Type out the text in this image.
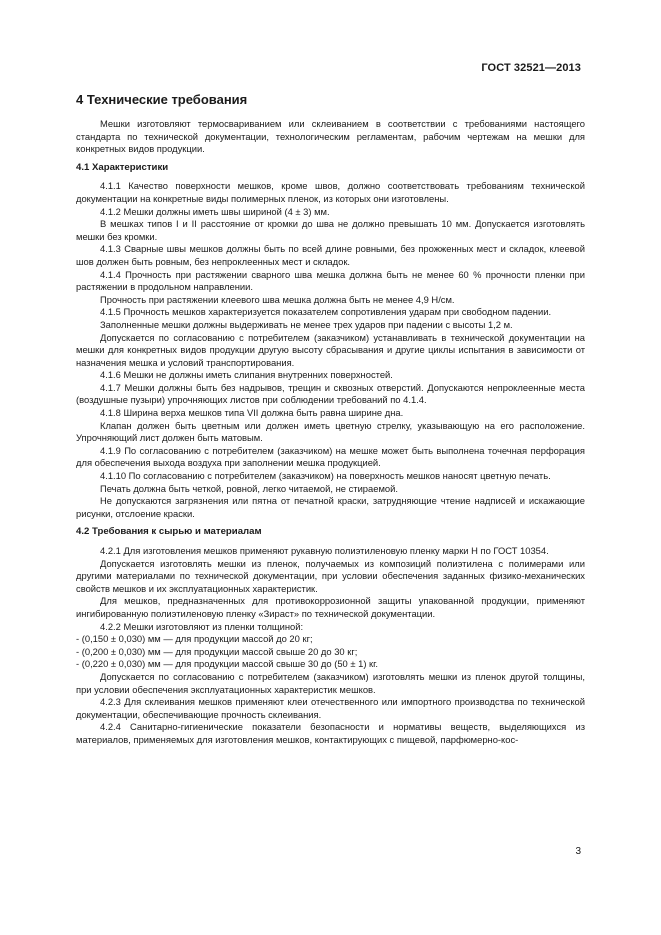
ГОСТ 32521—2013
4 Технические требования

Мешки изготовляют термосвариванием или склеиванием в соответствии с требованиями настоящего стандарта по технической документации, технологическим регламентам, рабочим чертежам на мешки для конкретных видов продукции.

4.1 Характеристики

4.1.1 Качество поверхности мешков, кроме швов, должно соответствовать требованиям технической документации на конкретные виды полимерных пленок, из которых они изготовлены.

4.1.2 Мешки должны иметь швы шириной (4 ± 3) мм.

В мешках типов I и II расстояние от кромки до шва не должно превышать 10 мм. Допускается изготовлять мешки без кромки.

4.1.3 Сварные швы мешков должны быть по всей длине ровными, без прожженных мест и складок, клеевой шов должен быть ровным, без непроклеенных мест и складок.

4.1.4 Прочность при растяжении сварного шва мешка должна быть не менее 60 % прочности пленки при растяжении в продольном направлении.

Прочность при растяжении клеевого шва мешка должна быть не менее 4,9 Н/см.

4.1.5 Прочность мешков характеризуется показателем сопротивления ударам при свободном падении.

Заполненные мешки должны выдерживать не менее трех ударов при падении с высоты 1,2 м.

Допускается по согласованию с потребителем (заказчиком) устанавливать в технической документации на мешки для конкретных видов продукции другую высоту сбрасывания и другие циклы испытания в зависимости от назначения мешка и условий транспортирования.

4.1.6 Мешки не должны иметь слипания внутренних поверхностей.

4.1.7 Мешки должны быть без надрывов, трещин и сквозных отверстий. Допускаются непроклеенные места (воздушные пузыри) упрочняющих листов при соблюдении требований по 4.1.4.

4.1.8 Ширина верха мешков типа VII должна быть равна ширине дна.

Клапан должен быть цветным или должен иметь цветную стрелку, указывающую на его расположение. Упрочняющий лист должен быть матовым.

4.1.9 По согласованию с потребителем (заказчиком) на мешке может быть выполнена точечная перфорация для обеспечения выхода воздуха при заполнении мешка продукцией.

4.1.10 По согласованию с потребителем (заказчиком) на поверхность мешков наносят цветную печать.

Печать должна быть четкой, ровной, легко читаемой, не стираемой.

Не допускаются загрязнения или пятна от печатной краски, затрудняющие чтение надписей и искажающие рисунки, отслоение краски.

4.2 Требования к сырью и материалам

4.2.1 Для изготовления мешков применяют рукавную полиэтиленовую пленку марки Н по ГОСТ 10354.

Допускается изготовлять мешки из пленок, получаемых из композиций полиэтилена с полимерами или другими материалами по технической документации, при условии обеспечения заданных физико-механических свойств мешков и их эксплуатационных характеристик.

Для мешков, предназначенных для противокоррозионной защиты упакованной продукции, применяют ингибированную полиэтиленовую пленку «Зираст» по технической документации.

4.2.2 Мешки изготовляют из пленки толщиной:

- (0,150 ± 0,030) мм — для продукции массой до 20 кг;

- (0,200 ± 0,030) мм — для продукции массой свыше 20 до 30 кг;

- (0,220 ± 0,030) мм — для продукции массой свыше 30 до (50 ± 1) кг.

Допускается по согласованию с потребителем (заказчиком) изготовлять мешки из пленок другой толщины, при условии обеспечения эксплуатационных характеристик мешков.

4.2.3 Для склеивания мешков применяют клеи отечественного или импортного производства по технической документации, обеспечивающие прочность склеивания.

4.2.4 Санитарно-гигиенические показатели безопасности и нормативы веществ, выделяющихся из материалов, применяемых для изготовления мешков, контактирующих с пищевой, парфюмерно-кос-

3
